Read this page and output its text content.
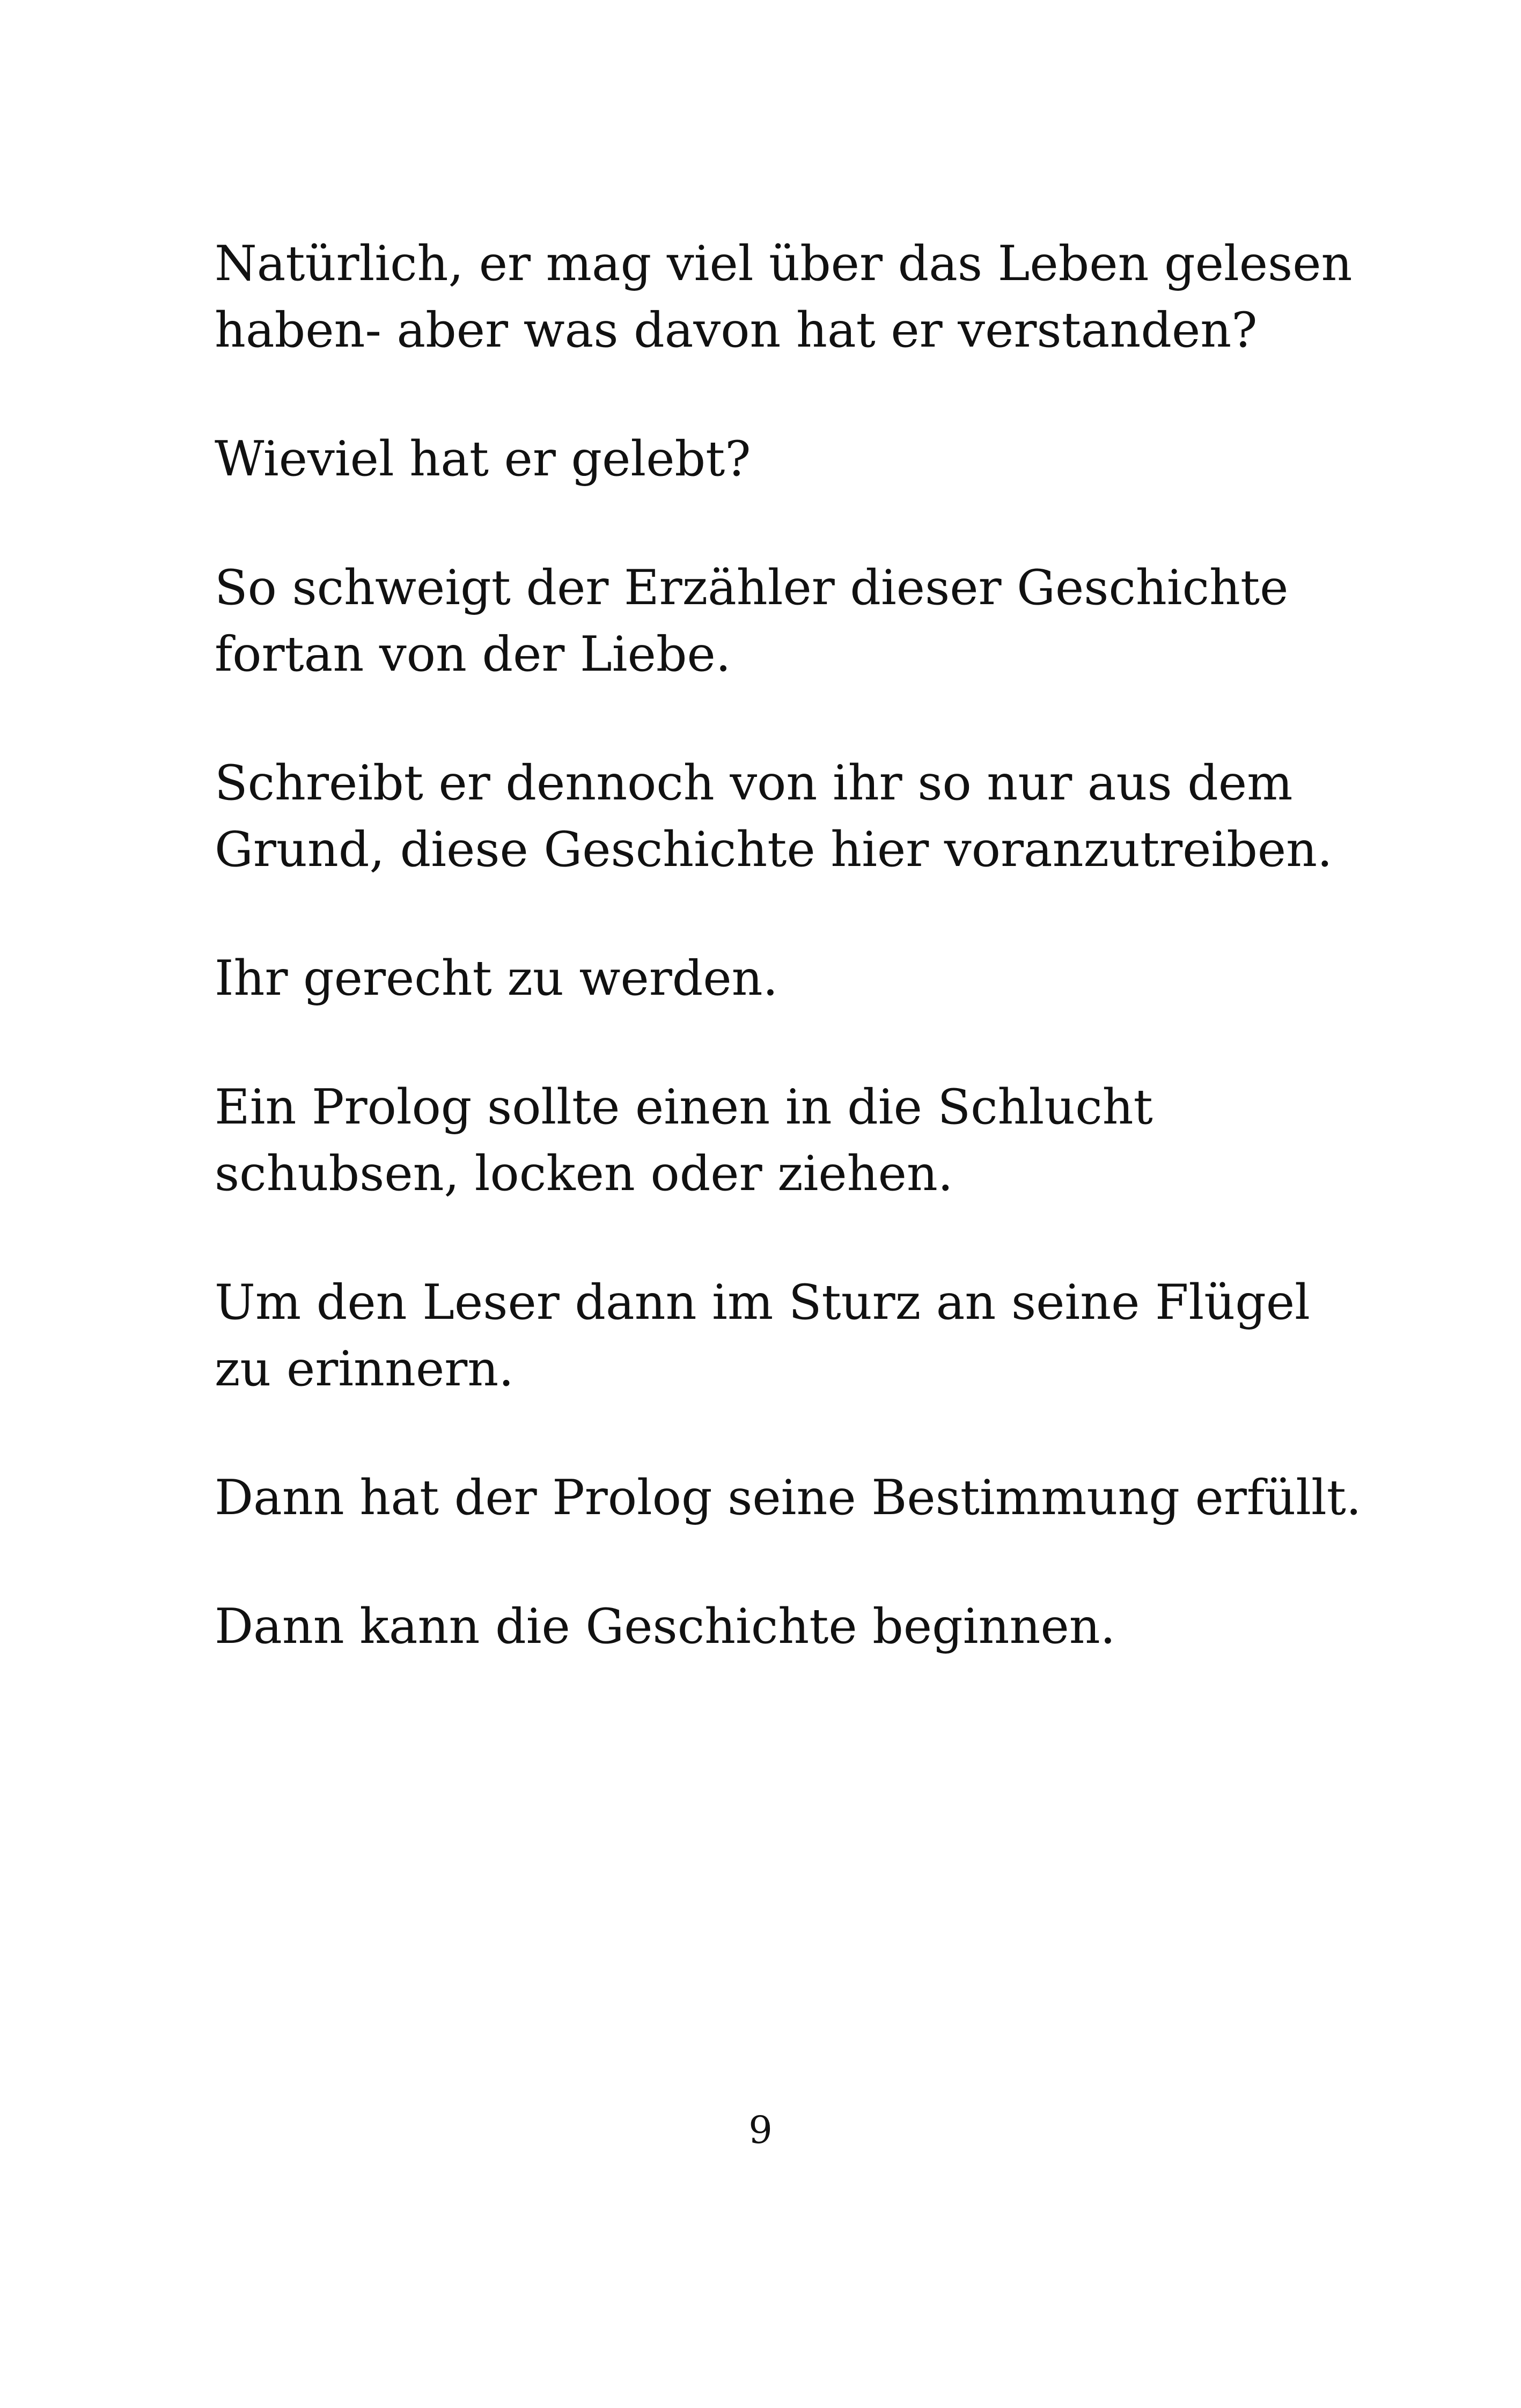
Natürlich, er mag viel über das Leben gelesen haben- aber was davon hat er verstanden?

Wieviel hat er gelebt?

So schweigt der Erzähler dieser Geschichte fortan von der Liebe.

Schreibt er dennoch von ihr so nur aus dem Grund, diese Geschichte hier voranzutreiben.

Ihr gerecht zu werden.

Ein Prolog sollte einen in die Schlucht schubsen, locken oder ziehen.

Um den Leser dann im Sturz an seine Flügel zu erinnern.

Dann hat der Prolog seine Bestimmung erfüllt.

Dann kann die Geschichte beginnen.

9
